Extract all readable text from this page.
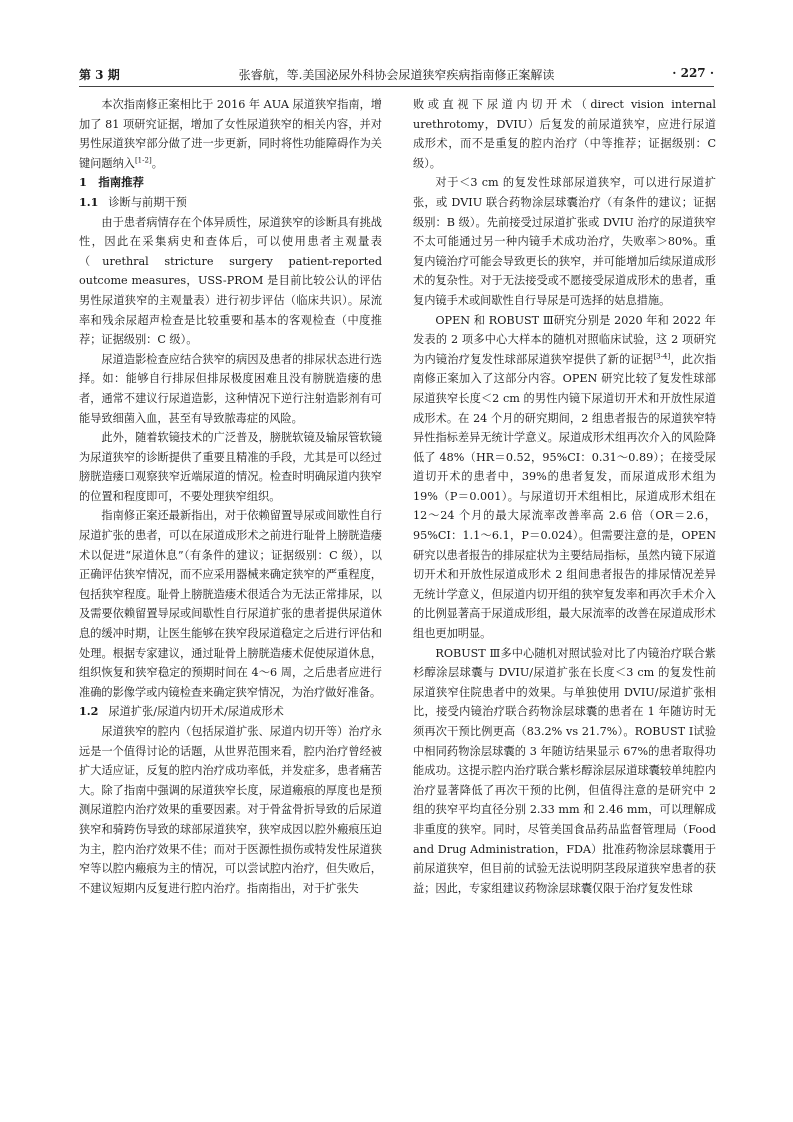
第 3 期	张睿航，等.美国泌尿外科协会尿道狭窄疾病指南修正案解读	· 227 ·

本次指南修正案相比于 2016 年 AUA 尿道狭窄指南，增加了 81 项研究证据，增加了女性尿道狭窄的相关内容，并对男性尿道狭窄部分做了进一步更新，同时将性功能障碍作为关键问题纳入[1-2]。

1　指南推荐
1.1 诊断与前期干预

由于患者病情存在个体异质性，尿道狭窄的诊断具有挑战性，因此在采集病史和查体后，可以使用患者主观量表（urethral stricture surgery patient-reported outcome measures，USS-PROM 是目前比较公认的评估男性尿道狭窄的主观量表）进行初步评估（临床共识）。尿流率和残余尿超声检查是比较重要和基本的客观检查（中度推荐；证据级别：C 级）。

尿道造影检查应结合狭窄的病因及患者的排尿状态进行选择。如：能够自行排尿但排尿极度困难且没有膀胱造瘘的患者，通常不建议行尿道造影，这种情况下逆行注射造影剂有可能导致细菌入血，甚至有导致脓毒症的风险。

此外，随着软镜技术的广泛普及，膀胱软镜及输尿管软镜为尿道狭窄的诊断提供了重要且精准的手段，尤其是可以经过膀胱造瘘口观察狭窄近端尿道的情况。检查时明确尿道内狭窄的位置和程度即可，不要处理狭窄组织。

指南修正案还最新指出，对于依赖留置导尿或间歇性自行尿道扩张的患者，可以在尿道成形术之前进行耻骨上膀胱造瘘术以促进“尿道休息”（有条件的建议；证据级别：C 级），以正确评估狭窄情况，而不应采用器械来确定狭窄的严重程度，包括狭窄程度。耻骨上膀胱造瘘术很适合为无法正常排尿，以及需要依赖留置导尿或间歇性自行尿道扩张的患者提供尿道休息的缓冲时期，让医生能够在狭窄段尿道稳定之后进行评估和处理。根据专家建议，通过耻骨上膀胱造瘘术促使尿道休息，组织恢复和狭窄稳定的预期时间在 4～6 周，之后患者应进行准确的影像学或内镜检查来确定狭窄情况，为治疗做好准备。

1.2 尿道扩张/尿道内切开术/尿道成形术

尿道狭窄的腔内（包括尿道扩张、尿道内切开等）治疗永远是一个值得讨论的话题，从世界范围来看，腔内治疗曾经被扩大适应证，反复的腔内治疗成功率低，并发症多，患者痛苦大。除了指南中强调的尿道狭窄长度，尿道瘢痕的厚度也是预测尿道腔内治疗效果的重要因素。对于骨盆骨折导致的后尿道狭窄和骑跨伤导致的球部尿道狭窄，狭窄成因以腔外瘢痕压迫为主，腔内治疗效果不佳；而对于医源性损伤或特发性尿道狭窄等以腔内瘢痕为主的情况，可以尝试腔内治疗，但失败后，不建议短期内反复进行腔内治疗。指南指出，对于扩张失

败或直视下尿道内切开术（direct vision internal urethrotomy，DVIU）后复发的前尿道狭窄，应进行尿道成形术，而不是重复的腔内治疗（中等推荐；证据级别：C 级）。

对于＜3 cm 的复发性球部尿道狭窄，可以进行尿道扩张，或 DVIU 联合药物涂层球囊治疗（有条件的建议；证据级别：B 级）。先前接受过尿道扩张或 DVIU 治疗的尿道狭窄不太可能通过另一种内镜手术成功治疗，失败率＞80%。重复内镜治疗可能会导致更长的狭窄，并可能增加后续尿道成形术的复杂性。对于无法接受或不愿接受尿道成形术的患者，重复内镜手术或间歇性自行导尿是可选择的姑息措施。

OPEN 和 ROBUST Ⅲ研究分别是 2020 年和 2022 年发表的 2 项多中心大样本的随机对照临床试验，这 2 项研究为内镜治疗复发性球部尿道狭窄提供了新的证据[3-4]，此次指南修正案加入了这部分内容。OPEN 研究比较了复发性球部尿道狭窄长度＜2 cm 的男性内镜下尿道切开术和开放性尿道成形术。在 24 个月的研究期间，2 组患者报告的尿道狭窄特异性指标差异无统计学意义。尿道成形术组再次介入的风险降低了 48%（HR＝0.52，95%CI：0.31～0.89）；在接受尿道切开术的患者中，39%的患者复发，而尿道成形术组为 19%（P＝0.001）。与尿道切开术组相比，尿道成形术组在 12～24 个月的最大尿流率改善率高 2.6 倍（OR＝2.6，95%CI：1.1～6.1，P＝0.024）。但需要注意的是，OPEN 研究以患者报告的排尿症状为主要结局指标，虽然内镜下尿道切开术和开放性尿道成形术 2 组间患者报告的排尿情况差异无统计学意义，但尿道内切开组的狭窄复发率和再次手术介入的比例显著高于尿道成形组，最大尿流率的改善在尿道成形术组也更加明显。

ROBUST Ⅲ多中心随机对照试验对比了内镜治疗联合紫杉醇涂层球囊与 DVIU/尿道扩张在长度＜3 cm 的复发性前尿道狭窄住院患者中的效果。与单独使用 DVIU/尿道扩张相比，接受内镜治疗联合药物涂层球囊的患者在 1 年随访时无须再次干预比例更高（83.2% vs 21.7%）。ROBUST Ⅰ试验中相同药物涂层球囊的 3 年随访结果显示 67%的患者取得功能成功。这提示腔内治疗联合紫杉醇涂层尿道球囊较单纯腔内治疗显著降低了再次干预的比例，但值得注意的是研究中 2 组的狭窄平均直径分别 2.33 mm 和 2.46 mm，可以理解成非重度的狭窄。同时，尽管美国食品药品监督管理局（Food and Drug Administration，FDA）批准药物涂层球囊用于前尿道狭窄，但目前的试验无法说明阴茎段尿道狭窄患者的获益；因此，专家组建议药物涂层球囊仅限于治疗复发性球
